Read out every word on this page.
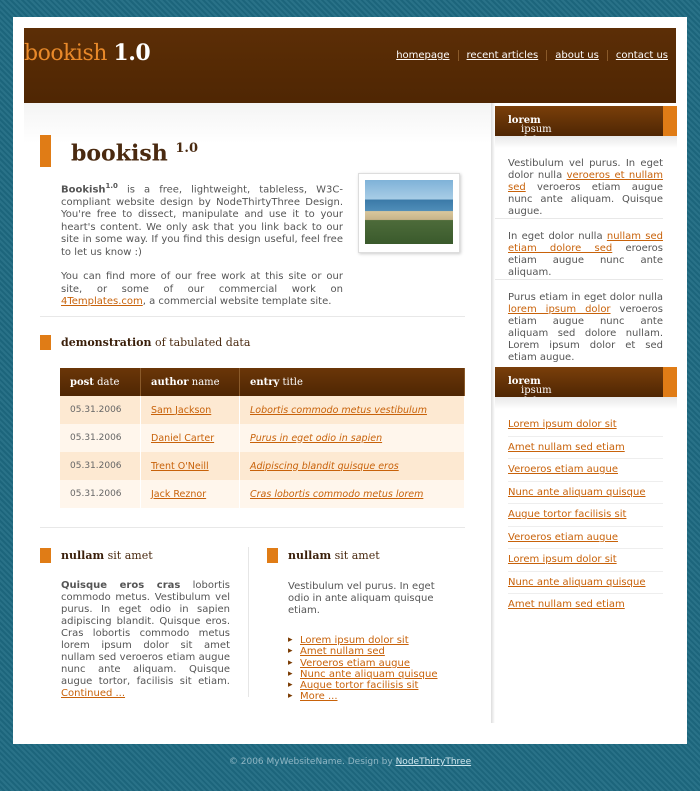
bookish 1.0	homepage	recent articles	about us	contact us
bookish $^{1.0}$

Bookish$^{1.0}$ is a free, lightweight, tableless, W3C-compliant website design by NodeThirtyThree Design. You're free to dissect, manipulate and use it to your heart's content. We only ask that you link back to our site in some way. If you find this design useful, feel free to let us know :)

You can find more of our free work at this site or our site, or some of our commercial work on 4Templates.com, a commercial website template site.

demonstration of tabulated data
post date	author name	entry title
05.31.2006	Sam Jackson	Lobortis commodo metus vestibulum
05.31.2006	Daniel Carter	Purus in eget odio in sapien
05.31.2006	Trent O'Neill	Adipiscing blandit quisque eros
05.31.2006	Jack Reznor	Cras lobortis commodo metus lorem
nullam sit amet
Quisque eros cras lobortis commodo metus. Vestibulum vel purus. In eget odio in sapien adipiscing blandit. Quisque eros. Cras lobortis commodo metus lorem ipsum dolor sit amet nullam sed veroeros etiam augue nunc ante aliquam. Quisque augue tortor, facilisis sit etiam. Continued ...
nullam sit amet
Vestibulum vel purus. In eget odio in ante aliquam quisque etiam.
▸ Lorem ipsum dolor sit
▸ Amet nullam sed
▸ Veroeros etiam augue
▸ Nunc ante aliquam quisque
▸ Augue tortor facilisis sit
▸ More ...
lorem
ipsum

Vestibulum vel purus. In eget dolor nulla veroeros et nullam sed veroeros etiam augue nunc ante aliquam. Quisque augue.

In eget dolor nulla nullam sed etiam dolore sed eroeros etiam augue nunc ante aliquam.

Purus etiam in eget dolor nulla lorem ipsum dolor veroeros etiam augue nunc ante aliquam sed dolore nullam. Lorem ipsum dolor et sed etiam augue.

lorem
ipsum
Lorem ipsum dolor sit
Amet nullam sed etiam
Veroeros etiam augue
Nunc ante aliquam quisque
Augue tortor facilisis sit
Veroeros etiam augue
Lorem ipsum dolor sit
Nunc ante aliquam quisque
Amet nullam sed etiam
© 2006 MyWebsiteName. Design by NodeThirtyThree
